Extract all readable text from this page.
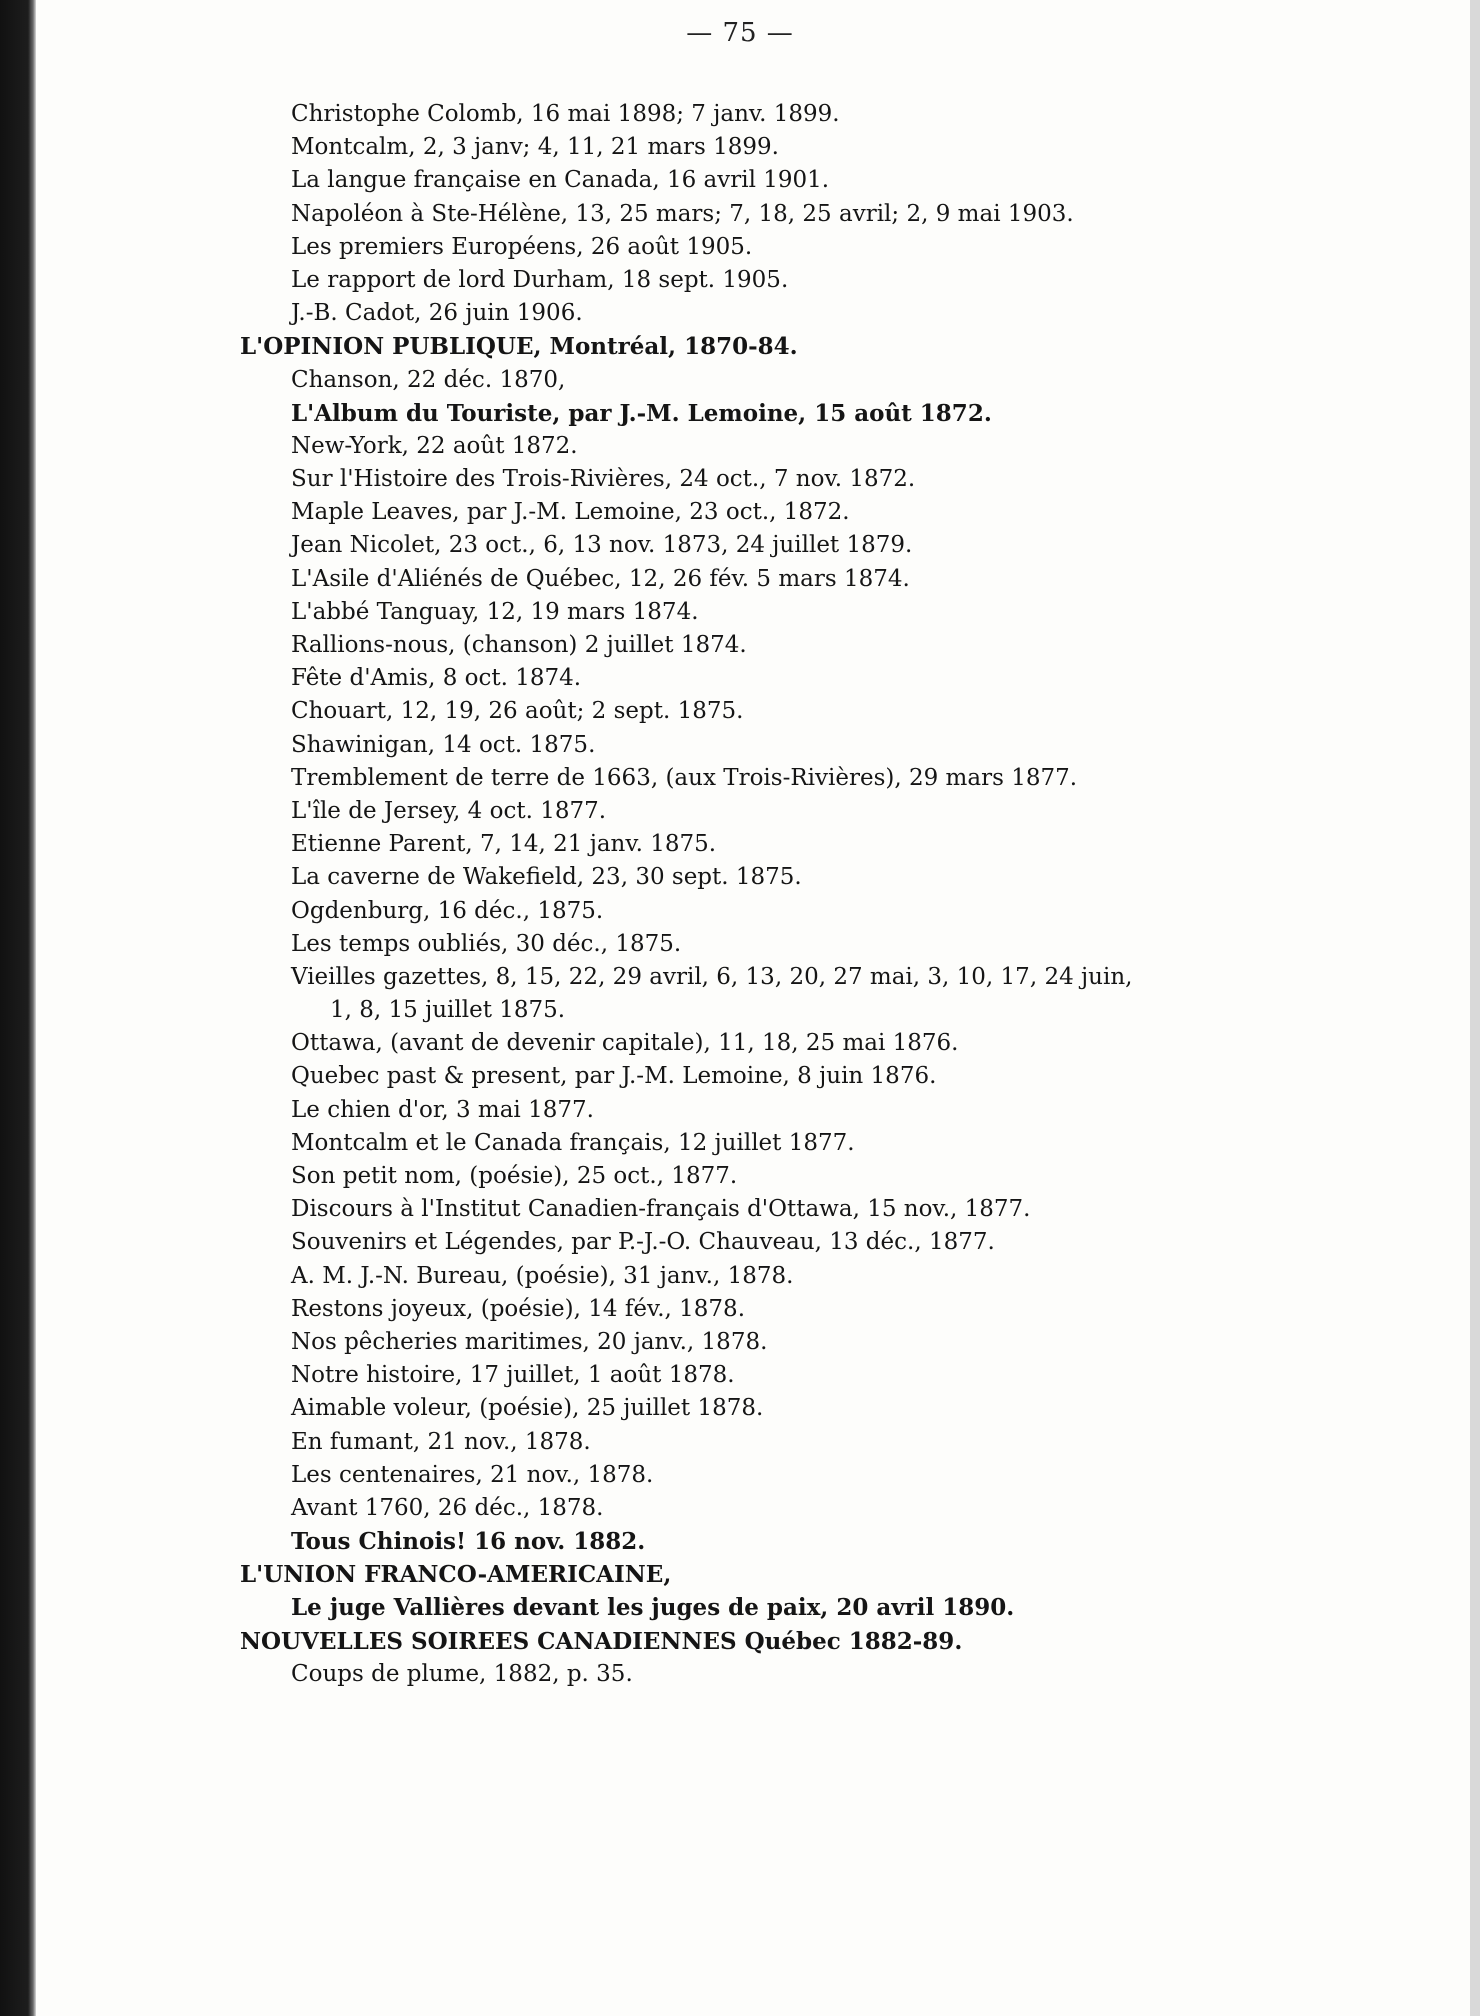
— 75 —
Christophe Colomb, 16 mai 1898; 7 janv. 1899.
Montcalm, 2, 3 janv; 4, 11, 21 mars 1899.
La langue française en Canada, 16 avril 1901.
Napoléon à Ste-Hélène, 13, 25 mars; 7, 18, 25 avril; 2, 9 mai 1903.
Les premiers Européens, 26 août 1905.
Le rapport de lord Durham, 18 sept. 1905.
J.-B. Cadot, 26 juin 1906.
L'OPINION PUBLIQUE, Montréal, 1870-84.
Chanson, 22 déc. 1870,
L'Album du Touriste, par J.-M. Lemoine, 15 août 1872.
New-York, 22 août 1872.
Sur l'Histoire des Trois-Rivières, 24 oct., 7 nov. 1872.
Maple Leaves, par J.-M. Lemoine, 23 oct., 1872.
Jean Nicolet, 23 oct., 6, 13 nov. 1873, 24 juillet 1879.
L'Asile d'Aliénés de Québec, 12, 26 fév. 5 mars 1874.
L'abbé Tanguay, 12, 19 mars 1874.
Rallions-nous, (chanson) 2 juillet 1874.
Fête d'Amis, 8 oct. 1874.
Chouart, 12, 19, 26 août; 2 sept. 1875.
Shawinigan, 14 oct. 1875.
Tremblement de terre de 1663, (aux Trois-Rivières), 29 mars 1877.
L'île de Jersey, 4 oct. 1877.
Etienne Parent, 7, 14, 21 janv. 1875.
La caverne de Wakefield, 23, 30 sept. 1875.
Ogdenburg, 16 déc., 1875.
Les temps oubliés, 30 déc., 1875.
Vieilles gazettes, 8, 15, 22, 29 avril, 6, 13, 20, 27 mai, 3, 10, 17, 24 juin,
1, 8, 15 juillet 1875.
Ottawa, (avant de devenir capitale), 11, 18, 25 mai 1876.
Quebec past & present, par J.-M. Lemoine, 8 juin 1876.
Le chien d'or, 3 mai 1877.
Montcalm et le Canada français, 12 juillet 1877.
Son petit nom, (poésie), 25 oct., 1877.
Discours à l'Institut Canadien-français d'Ottawa, 15 nov., 1877.
Souvenirs et Légendes, par P.-J.-O. Chauveau, 13 déc., 1877.
A. M. J.-N. Bureau, (poésie), 31 janv., 1878.
Restons joyeux, (poésie), 14 fév., 1878.
Nos pêcheries maritimes, 20 janv., 1878.
Notre histoire, 17 juillet, 1 août 1878.
Aimable voleur, (poésie), 25 juillet 1878.
En fumant, 21 nov., 1878.
Les centenaires, 21 nov., 1878.
Avant 1760, 26 déc., 1878.
Tous Chinois! 16 nov. 1882.
L'UNION FRANCO-AMERICAINE,
Le juge Vallières devant les juges de paix, 20 avril 1890.
NOUVELLES SOIREES CANADIENNES Québec 1882-89.
Coups de plume, 1882, p. 35.
